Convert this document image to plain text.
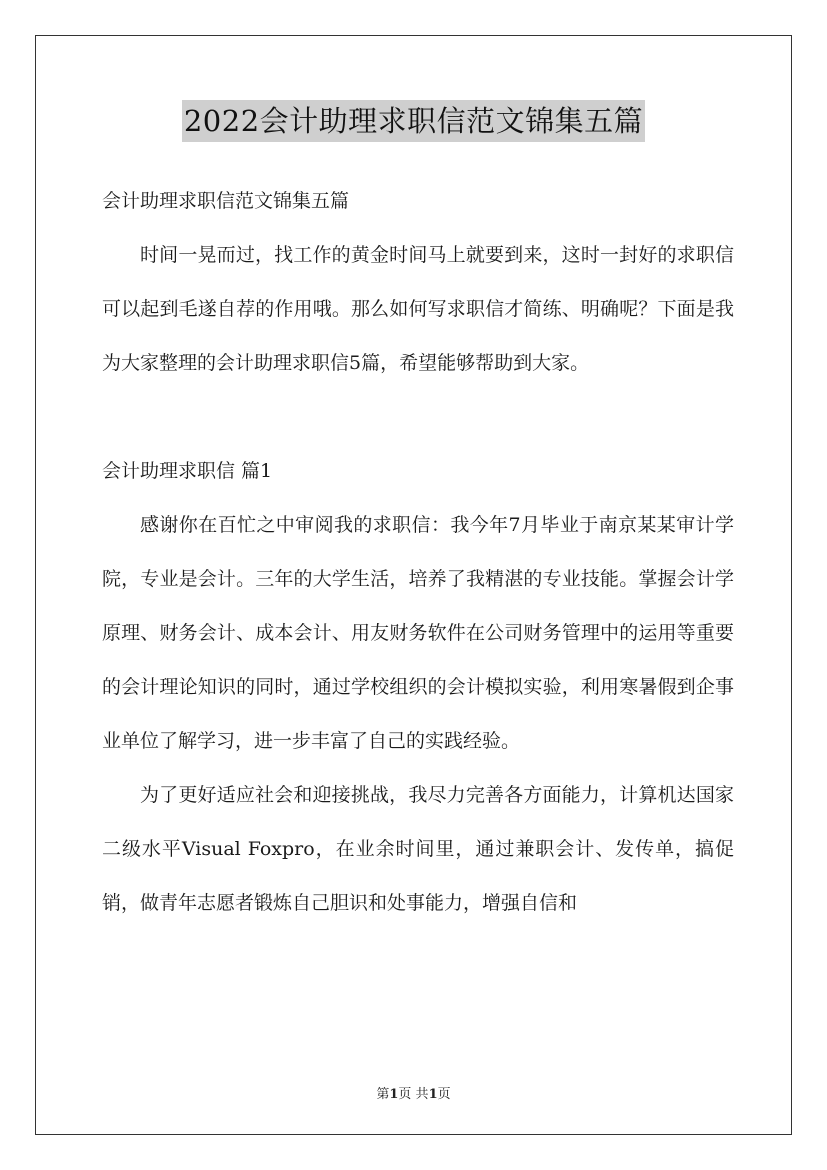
2022会计助理求职信范文锦集五篇

会计助理求职信范文锦集五篇

时间一晃而过，找工作的黄金时间马上就要到来，这时一封好的求职信可以起到毛遂自荐的作用哦。那么如何写求职信才简练、明确呢？下面是我为大家整理的会计助理求职信5篇，希望能够帮助到大家。

会计助理求职信 篇1

感谢你在百忙之中审阅我的求职信：我今年7月毕业于南京某某审计学院，专业是会计。三年的大学生活，培养了我精湛的专业技能。掌握会计学原理、财务会计、成本会计、用友财务软件在公司财务管理中的运用等重要的会计理论知识的同时，通过学校组织的会计模拟实验，利用寒暑假到企事业单位了解学习，进一步丰富了自己的实践经验。

为了更好适应社会和迎接挑战，我尽力完善各方面能力，计算机达国家二级水平Visual Foxpro，在业余时间里，通过兼职会计、发传单，搞促销，做青年志愿者锻炼自己胆识和处事能力，增强自信和

第1页 共1页
